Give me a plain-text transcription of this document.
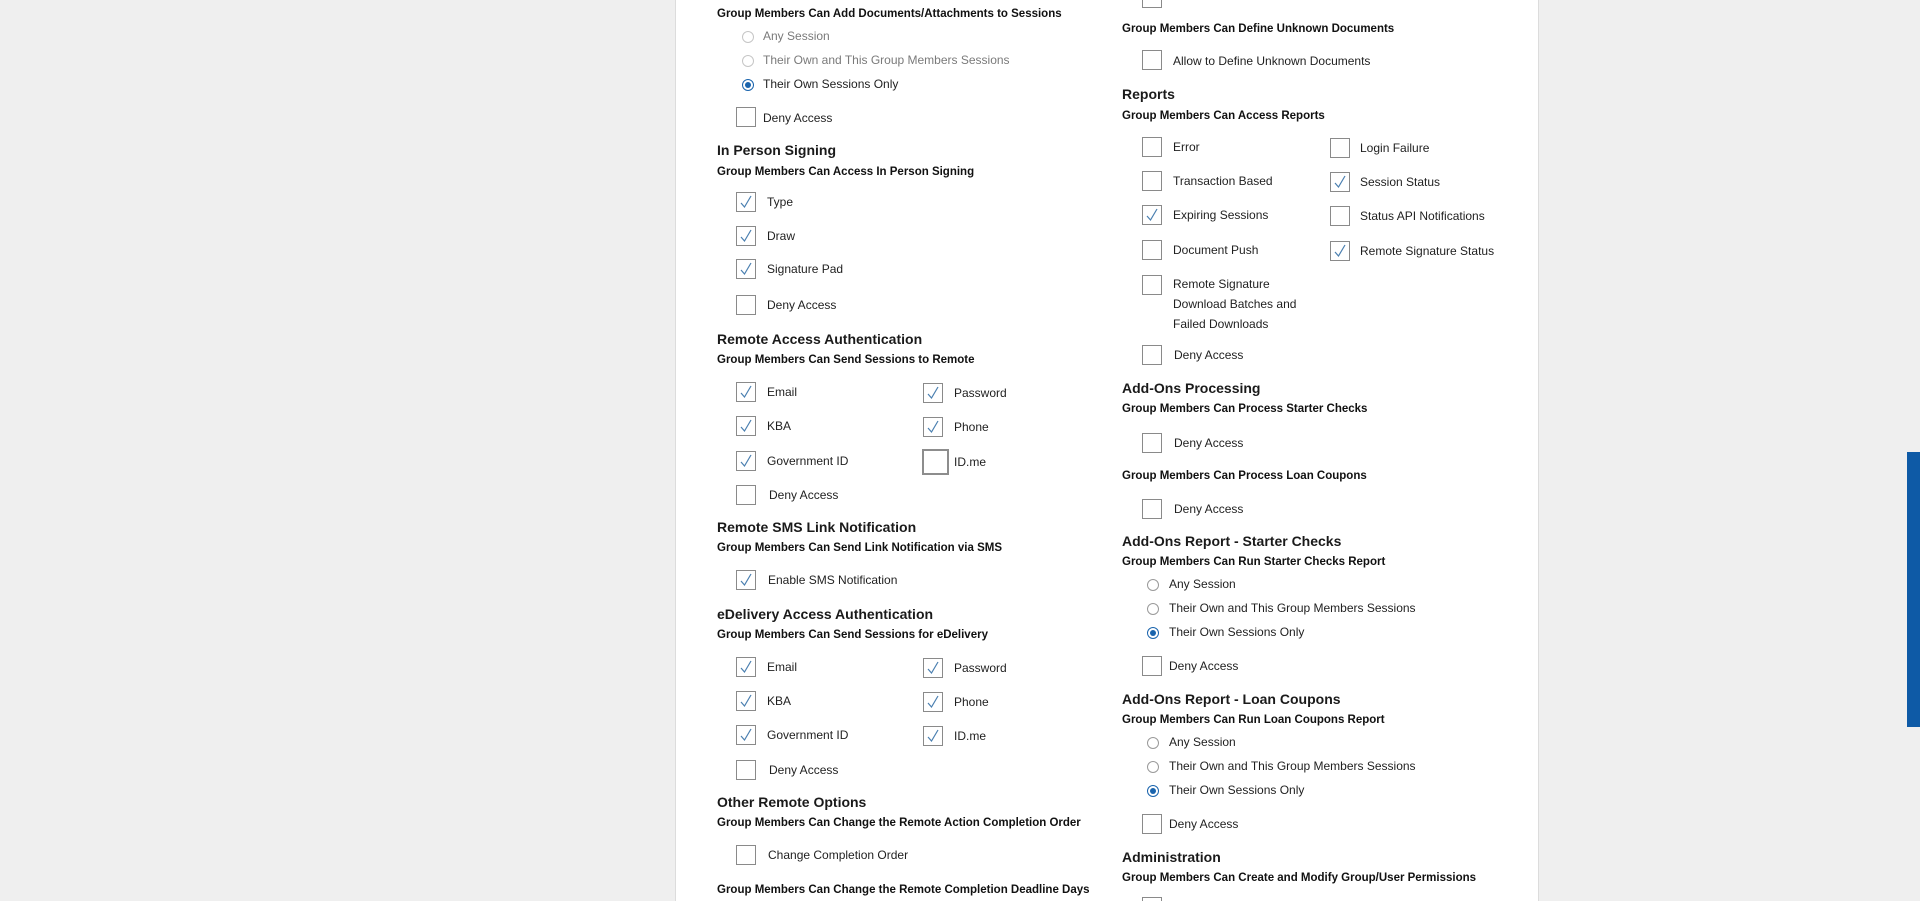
Group Members Can Add Documents/Attachments to Sessions
Any Session
Their Own and This Group Members Sessions
Their Own Sessions Only
Deny Access
In Person Signing
Group Members Can Access In Person Signing
Type
Draw
Signature Pad
Deny Access
Remote Access Authentication
Group Members Can Send Sessions to Remote
Email	Password
KBA	Phone
Government ID	ID.me
Deny Access
Remote SMS Link Notification
Group Members Can Send Link Notification via SMS
Enable SMS Notification
eDelivery Access Authentication
Group Members Can Send Sessions for eDelivery
Email	Password
KBA	Phone
Government ID	ID.me
Deny Access
Other Remote Options
Group Members Can Change the Remote Action Completion Order
Change Completion Order
Group Members Can Change the Remote Completion Deadline Days
Group Members Can Define Unknown Documents
Allow to Define Unknown Documents
Reports
Group Members Can Access Reports
Error	Login Failure
Transaction Based	Session Status
Expiring Sessions	Status API Notifications
Document Push	Remote Signature Status
Remote Signature Download Batches and Failed Downloads
Deny Access
Add-Ons Processing
Group Members Can Process Starter Checks
Deny Access
Group Members Can Process Loan Coupons
Deny Access
Add-Ons Report - Starter Checks
Group Members Can Run Starter Checks Report
Any Session
Their Own and This Group Members Sessions
Their Own Sessions Only
Deny Access
Add-Ons Report - Loan Coupons
Group Members Can Run Loan Coupons Report
Any Session
Their Own and This Group Members Sessions
Their Own Sessions Only
Deny Access
Administration
Group Members Can Create and Modify Group/User Permissions
